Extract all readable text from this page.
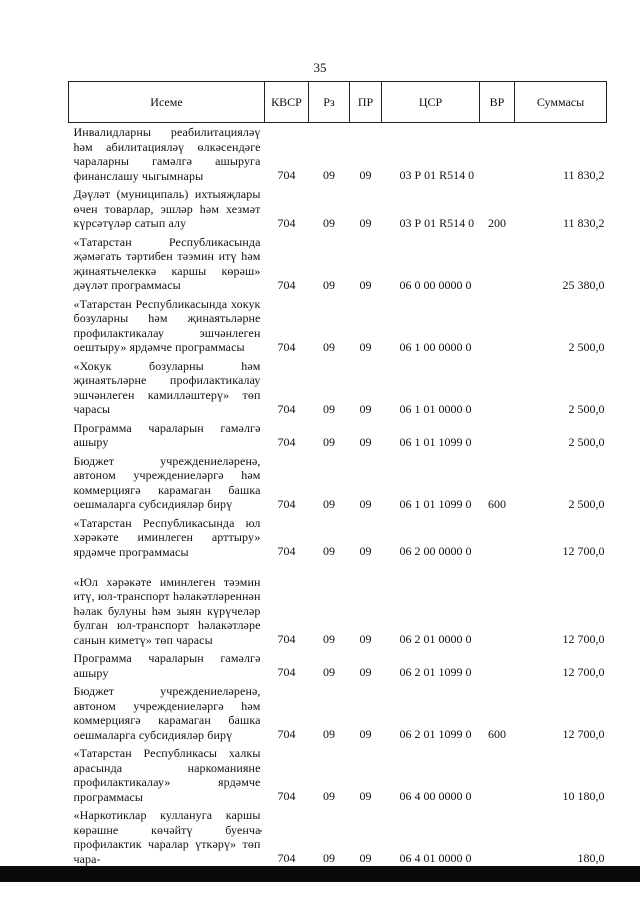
35
Исеме	КВСР	Рз	ПР	ЦСР	ВР	Суммасы
Инвалидларны реабилитацияләү һәм абилитацияләү өлкәсендәге чараларны гамәлгә ашыруга финанслашу чыгымнары	704	09	09	03 Р 01 R514 0		11 830,2
Дәүләт (муниципаль) ихтыяҗлары өчен товарлар, эшләр һәм хезмәт күрсәтүләр сатып алу	704	09	09	03 Р 01 R514 0	200	11 830,2
«Татарстан Республикасында җәмәгать тәртибен тәэмин итү һәм җинаятьчелеккә каршы көрәш» дәүләт программасы	704	09	09	06 0 00 0000 0		25 380,0
«Татарстан Республикасында хокук бозуларны һәм җинаятьләрне профилактикалау эшчәнлеген оештыру» ярдәмче программасы	704	09	09	06 1 00 0000 0		2 500,0
«Хокук бозуларны һәм җинаятьләрне профилактикалау эшчәнлеген камилләштерү» төп чарасы	704	09	09	06 1 01 0000 0		2 500,0
Программа чараларын гамәлгә ашыру	704	09	09	06 1 01 1099 0		2 500,0
Бюджет учреждениеләренә, автоном учреждениеләргә һәм коммерциягә карамаган башка оешмаларга субсидияләр бирү	704	09	09	06 1 01 1099 0	600	2 500,0
«Татарстан Республикасында юл хәрәкәте иминлеген арттыру» ярдәмче программасы	704	09	09	06 2 00 0000 0		12 700,0
«Юл хәрәкәте иминлеген тәэмин итү, юл-транспорт һәлакәтләреннән һәлак булуны һәм зыян күрүчеләр булган юл-транспорт һәлакәтләре санын киметү» төп чарасы	704	09	09	06 2 01 0000 0		12 700,0
Программа чараларын гамәлгә ашыру	704	09	09	06 2 01 1099 0		12 700,0
Бюджет учреждениеләренә, автоном учреждениеләргә һәм коммерциягә карамаган башка оешмаларга субсидияләр бирү	704	09	09	06 2 01 1099 0	600	12 700,0
«Татарстан Республикасы халкы арасында наркоманияне профилактикалау» ярдәмче программасы	704	09	09	06 4 00 0000 0		10 180,0
«Наркотиклар кулланугa каршы көрәшне көчәйтү буенча профилактик чаралар үткәрү» төп чара-	704	09	09	06 4 01 0000 0		180,0
